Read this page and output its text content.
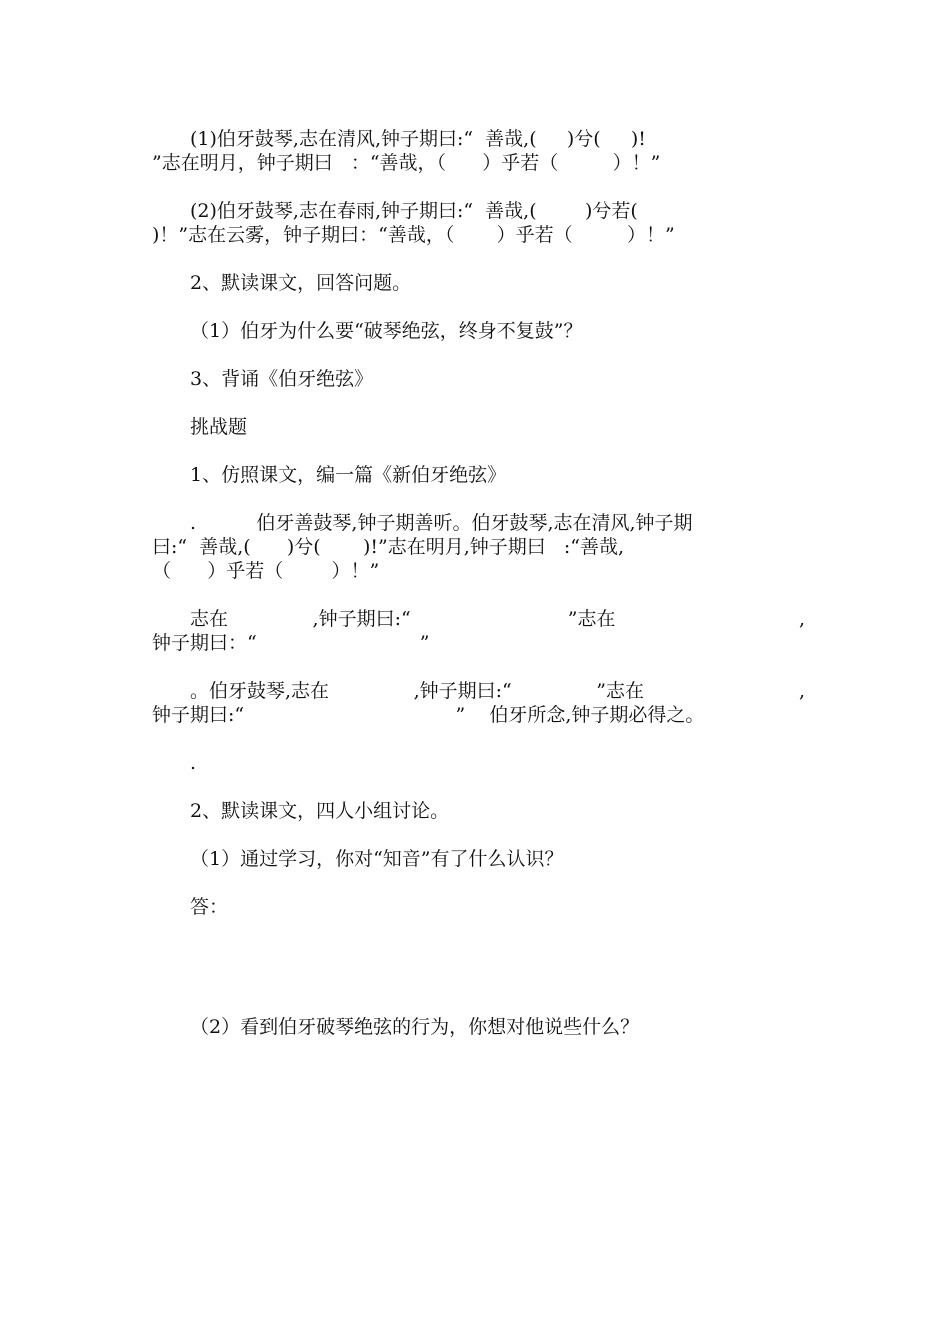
(1)伯牙鼓琴,志在清风,钟子期曰:“  善哉,(     )兮(     )!

”志在明月，钟子期曰   ：“善哉，（      ）乎若（         ）！”

(2)伯牙鼓琴,志在春雨,钟子期曰:“  善哉,(        )兮若(

)！”志在云雾，钟子期曰：“善哉，（       ）乎若（         ）！”

2、默读课文，回答问题。

（1）伯牙为什么要“破琴绝弦，终身不复鼓”？

3、背诵《伯牙绝弦》

挑战题

1、仿照课文，编一篇《新伯牙绝弦》

.          伯牙善鼓琴,钟子期善听。伯牙鼓琴,志在清风,钟子期

曰:“  善哉,(      )兮(       )!”志在明月,钟子期曰   :“善哉,

（      ）乎若（        ）！”

志在              ,钟子期曰:“                          ”志在	,

钟子期曰：“                           ”

。伯牙鼓琴,志在              ,钟子期曰:“              ”志在	,

钟子期曰:“                                   ”    伯牙所念,钟子期必得之。

.

2、默读课文，四人小组讨论。

（1）通过学习，你对“知音”有了什么认识？

答：

（2）看到伯牙破琴绝弦的行为，你想对他说些什么？
